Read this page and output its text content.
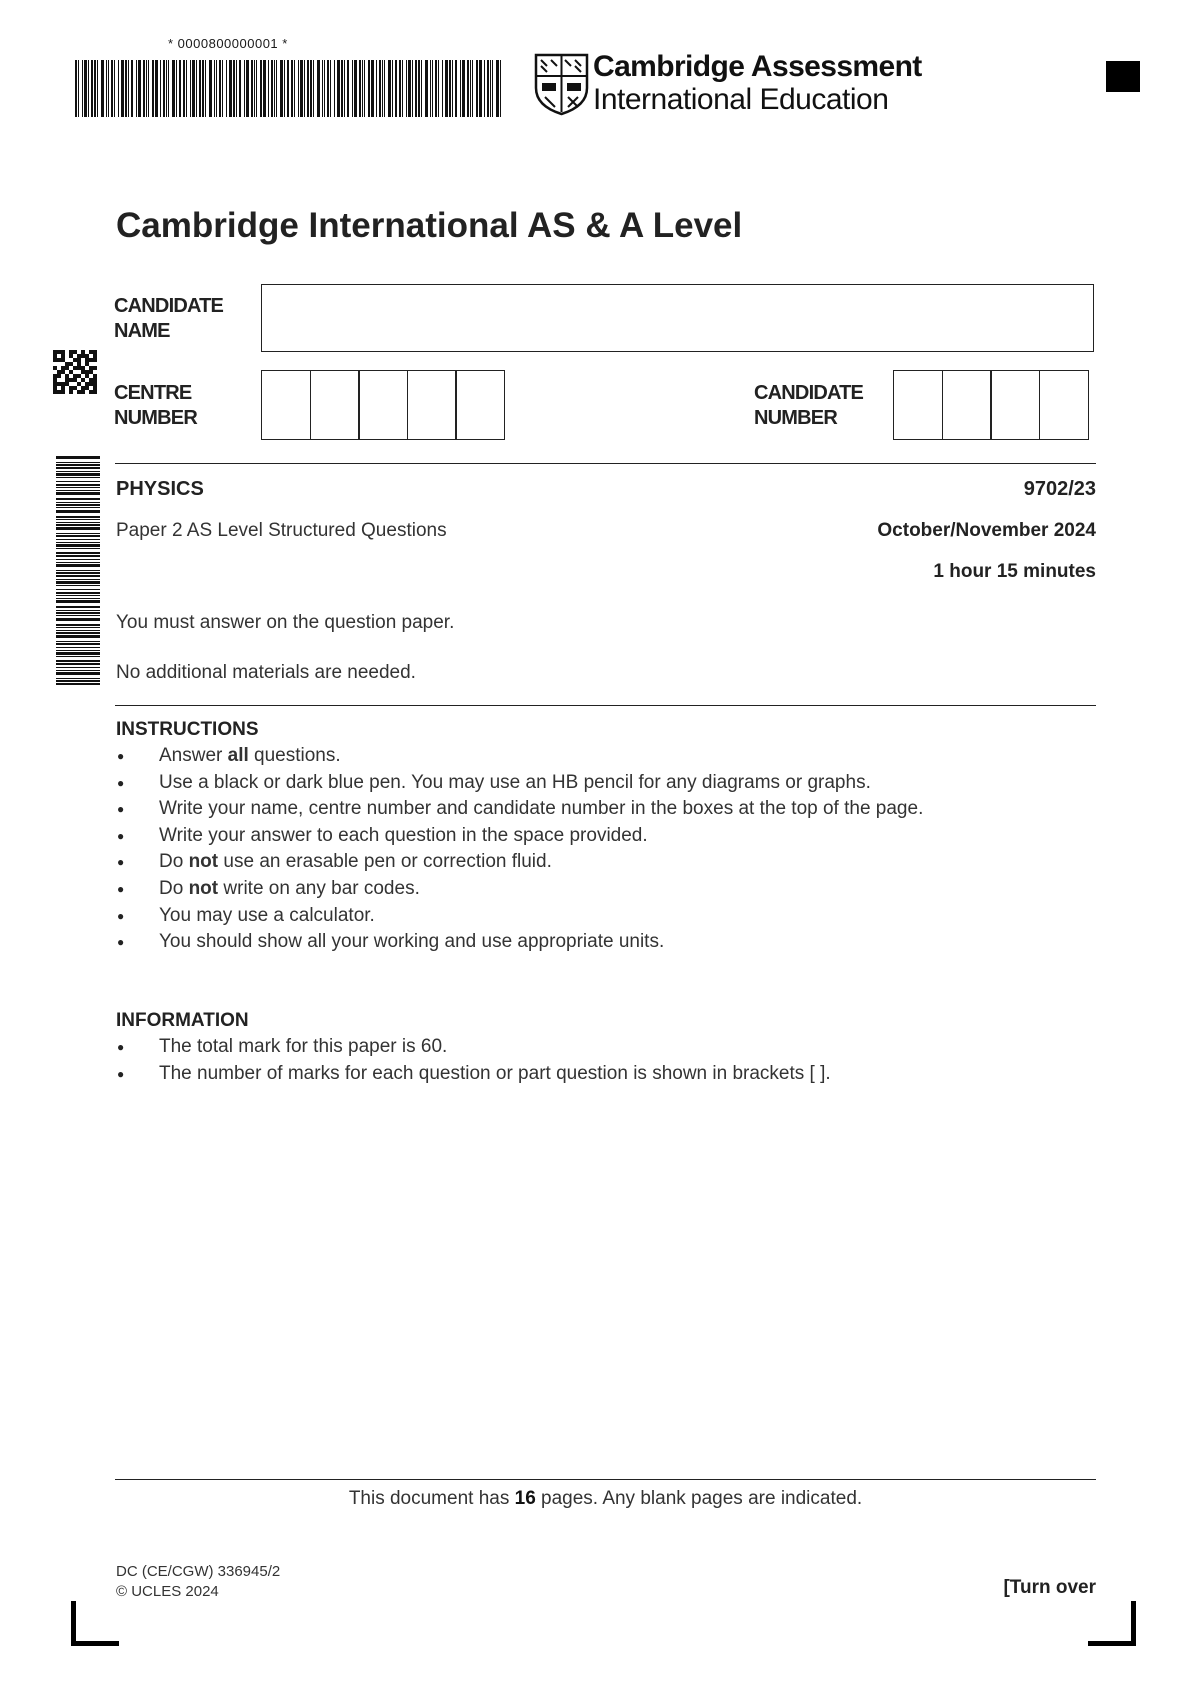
* 0000800000001 *
Cambridge Assessment
International Education
Cambridge International AS & A Level
CANDIDATE
NAME
CENTRE
NUMBER
CANDIDATE
NUMBER
PHYSICS	9702/23
Paper 2 AS Level Structured Questions	October/November 2024
1 hour 15 minutes
You must answer on the question paper.
No additional materials are needed.
INSTRUCTIONS
● Answer all questions.
● Use a black or dark blue pen. You may use an HB pencil for any diagrams or graphs.
● Write your name, centre number and candidate number in the boxes at the top of the page.
● Write your answer to each question in the space provided.
● Do not use an erasable pen or correction fluid.
● Do not write on any bar codes.
● You may use a calculator.
● You should show all your working and use appropriate units.
INFORMATION
● The total mark for this paper is 60.
● The number of marks for each question or part question is shown in brackets [ ].
This document has 16 pages. Any blank pages are indicated.
DC (CE/CGW) 336945/2
© UCLES 2024	[Turn over
